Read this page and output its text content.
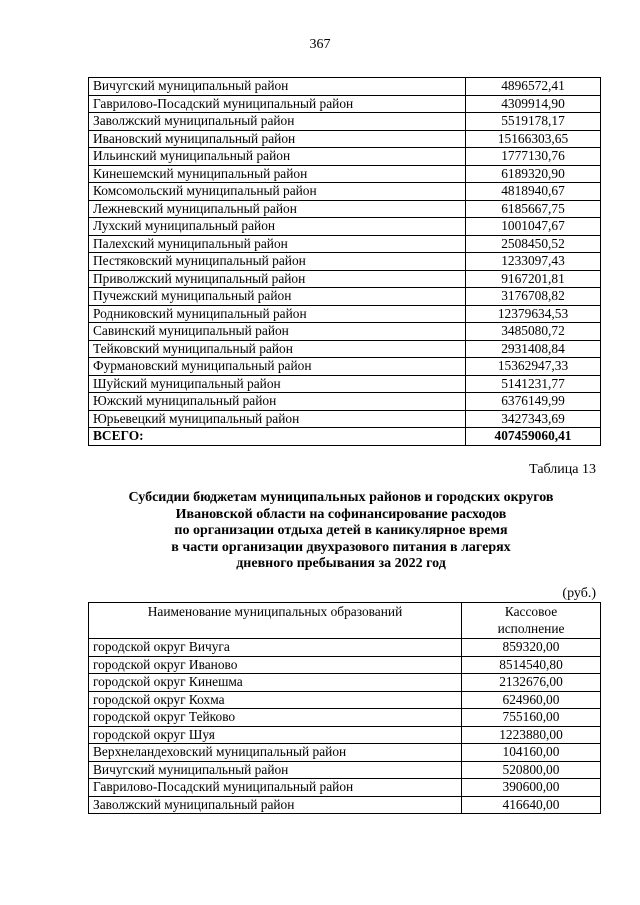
367
Вичугский муниципальный район	4896572,41
Гаврилово-Посадский муниципальный район	4309914,90
Заволжский муниципальный район	5519178,17
Ивановский муниципальный район	15166303,65
Ильинский муниципальный район	1777130,76
Кинешемский муниципальный район	6189320,90
Комсомольский муниципальный район	4818940,67
Лежневский муниципальный район	6185667,75
Лухский муниципальный район	1001047,67
Палехский муниципальный район	2508450,52
Пестяковский муниципальный район	1233097,43
Приволжский муниципальный район	9167201,81
Пучежский муниципальный район	3176708,82
Родниковский муниципальный район	12379634,53
Савинский муниципальный район	3485080,72
Тейковский муниципальный район	2931408,84
Фурмановский муниципальный район	15362947,33
Шуйский муниципальный район	5141231,77
Южский муниципальный район	6376149,99
Юрьевецкий муниципальный район	3427343,69
ВСЕГО:	407459060,41
Таблица 13
Субсидии бюджетам муниципальных районов и городских округов
Ивановской области на софинансирование расходов
по организации отдыха детей в каникулярное время
в части организации двухразового питания в лагерях
дневного пребывания за 2022 год
(руб.)
Наименование муниципальных образований	Кассовое
исполнение

городской округ Вичуга	859320,00
городской округ Иваново	8514540,80
городской округ Кинешма	2132676,00
городской округ Кохма	624960,00
городской округ Тейково	755160,00
городской округ Шуя	1223880,00
Верхнеландеховский муниципальный район	104160,00
Вичугский муниципальный район	520800,00
Гаврилово-Посадский муниципальный район	390600,00
Заволжский муниципальный район	416640,00
